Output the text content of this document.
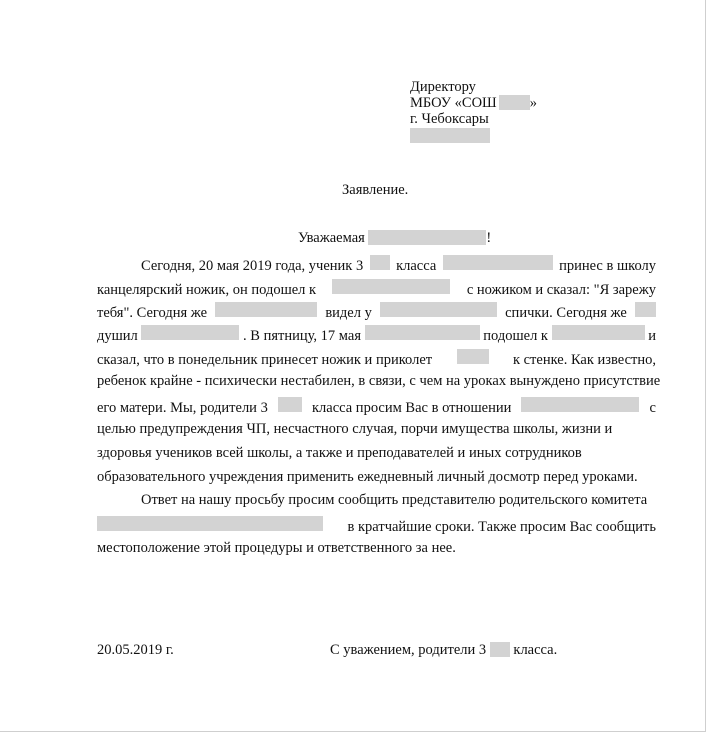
Директору
МБОУ «СОШ »
г. Чебоксары
Заявление.
Уважаемая	!
Сегодня, 20 мая 2019 года, ученик 3 класса	принес в школу
канцелярский ножик, он подошел к	с ножиком и сказал: "Я зарежу
тебя". Сегодня же	видел у	спички. Сегодня же
душил	. В пятницу, 17 мая	подошел к	и
сказал, что в понедельник принесет ножик и приколет	к стенке. Как известно,
ребенок крайне - психически нестабилен, в связи, с чем на уроках вынуждено присутствие
его матери. Мы, родители 3	класса просим Вас в отношении	с
целью предупреждения ЧП, несчастного случая, порчи имущества школы, жизни и
здоровья учеников всей школы, а также и преподавателей и иных сотрудников
образовательного учреждения применить ежедневный личный досмотр перед уроками.
Ответ на нашу просьбу просим сообщить представителю родительского комитета
в кратчайшие сроки. Также просим Вас сообщить
местоположение этой процедуры и ответственного за нее.
20.05.2019 г.	С уважением, родители 3 класса.
